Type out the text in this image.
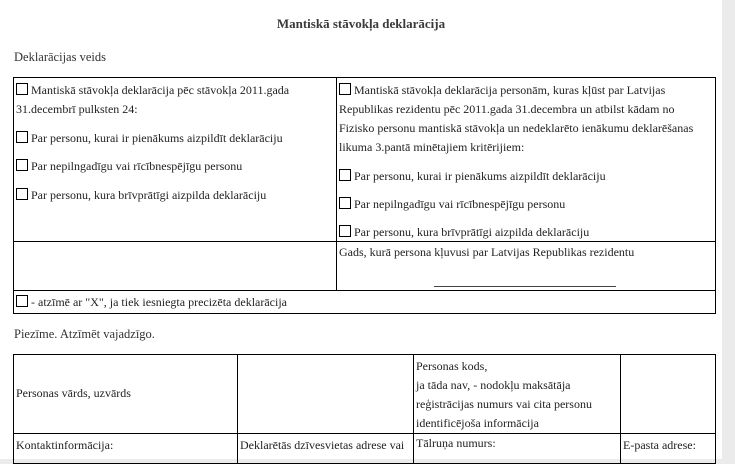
Mantiskā stāvokļa deklarācija
Deklarācijas veids
Mantiskā stāvokļa deklarācija pēc stāvokļa 2011.gada
31.decembrī pulksten 24:
Par personu, kurai ir pienākums aizpildīt deklarāciju
Par nepilngadīgu vai rīcībnespējīgu personu
Par personu, kura brīvprātīgi aizpilda deklarāciju
Mantiskā stāvokļa deklarācija personām, kuras kļūst par Latvijas
Republikas rezidentu pēc 2011.gada 31.decembra un atbilst kādam no
Fizisko personu mantiskā stāvokļa un nedeklarēto ienākumu deklarēšanas
likuma 3.pantā minētajiem kritērijiem:
Par personu, kurai ir pienākums aizpildīt deklarāciju
Par nepilngadīgu vai rīcībnespējīgu personu
Par personu, kura brīvprātīgi aizpilda deklarāciju
Gads, kurā persona kļuvusi par Latvijas Republikas rezidentu
- atzīmē ar "X", ja tiek iesniegta precizēta deklarācija
Piezīme. Atzīmēt vajadzīgo.
Personas vārds, uzvārds
Personas kods,
ja tāda nav, - nodokļu maksātāja
reģistrācijas numurs vai cita personu
identificējoša informācija
Kontaktinformācija:	Deklarētās dzīvesvietas adrese vai Tālruņa numurs:	E-pasta adrese:
